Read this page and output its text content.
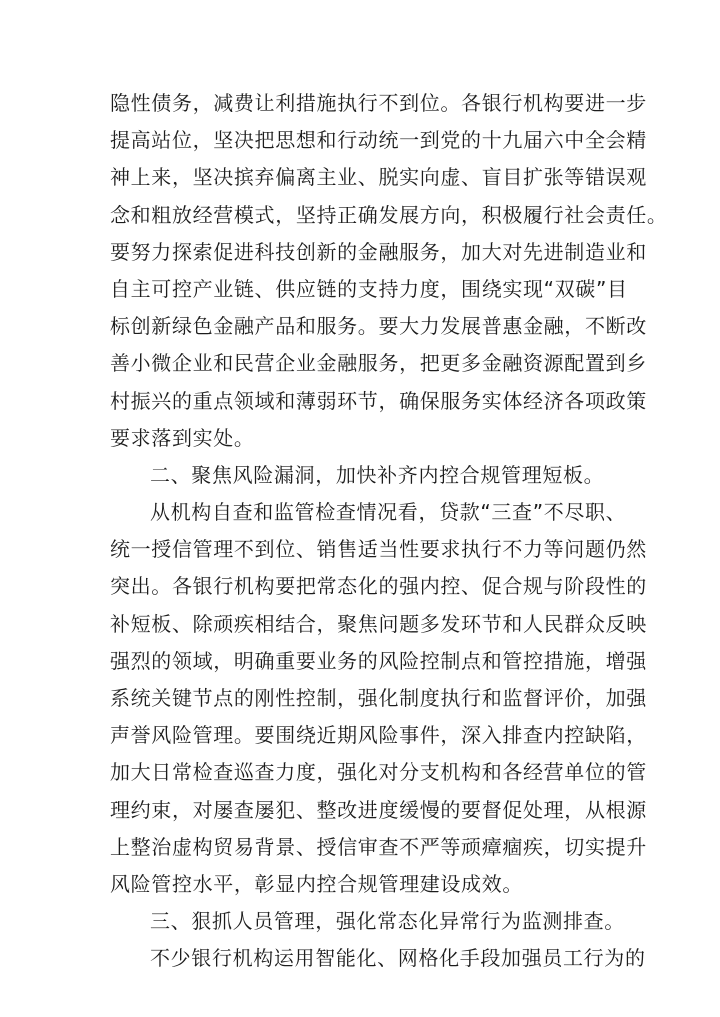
隐性债务，减费让利措施执行不到位。各银行机构要进一步
提高站位，坚决把思想和行动统一到党的十九届六中全会精
神上来，坚决摈弃偏离主业、脱实向虚、盲目扩张等错误观
念和粗放经营模式，坚持正确发展方向，积极履行社会责任。
要努力探索促进科技创新的金融服务，加大对先进制造业和
自主可控产业链、供应链的支持力度，围绕实现“双碳”目
标创新绿色金融产品和服务。要大力发展普惠金融，不断改
善小微企业和民营企业金融服务，把更多金融资源配置到乡
村振兴的重点领域和薄弱环节，确保服务实体经济各项政策
要求落到实处。
二、聚焦风险漏洞，加快补齐内控合规管理短板。
从机构自查和监管检查情况看，贷款“三查”不尽职、
统一授信管理不到位、销售适当性要求执行不力等问题仍然
突出。各银行机构要把常态化的强内控、促合规与阶段性的
补短板、除顽疾相结合，聚焦问题多发环节和人民群众反映
强烈的领域，明确重要业务的风险控制点和管控措施，增强
系统关键节点的刚性控制，强化制度执行和监督评价，加强
声誉风险管理。要围绕近期风险事件，深入排查内控缺陷，
加大日常检查巡查力度，强化对分支机构和各经营单位的管
理约束，对屡查屡犯、整改进度缓慢的要督促处理，从根源
上整治虚构贸易背景、授信审查不严等顽瘴痼疾，切实提升
风险管控水平，彰显内控合规管理建设成效。
三、狠抓人员管理，强化常态化异常行为监测排查。
不少银行机构运用智能化、网格化手段加强员工行为的
